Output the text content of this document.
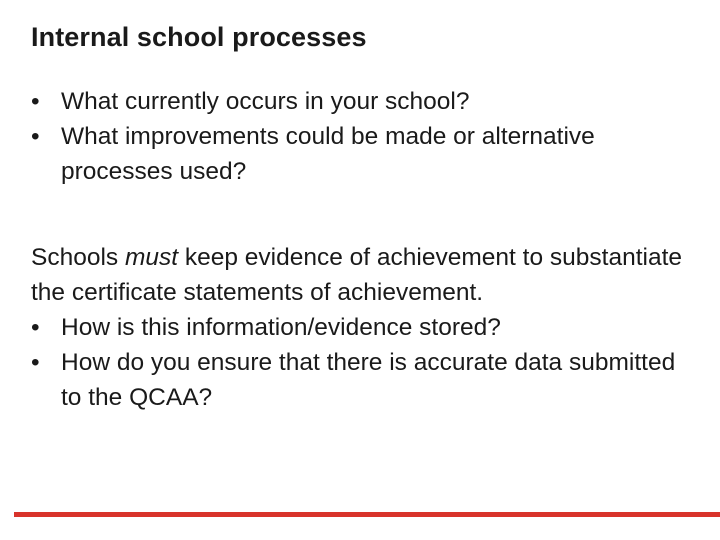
Internal school processes
• What currently occurs in your school?
• What improvements could be made or alternative processes used?

Schools must keep evidence of achievement to substantiate the certificate statements of achievement.

• How is this information/evidence stored?
• How do you ensure that there is accurate data submitted to the QCAA?
